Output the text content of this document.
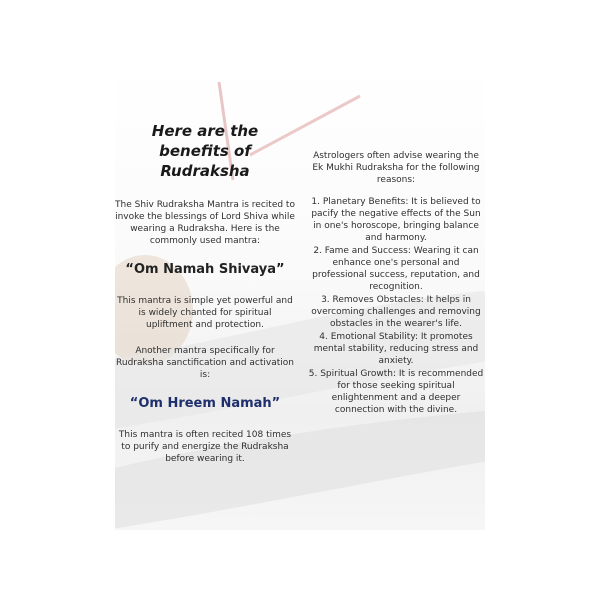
Here are the benefits of
Rudraksha

The Shiv Rudraksha Mantra is recited to invoke the blessings of Lord Shiva while wearing a Rudraksha. Here is the commonly used mantra:

“Om Namah Shivaya”

This mantra is simple yet powerful and is widely chanted for spiritual upliftment and protection.

Another mantra specifically for Rudraksha sanctification and activation is:

“Om Hreem Namah”

This mantra is often recited 108 times to purify and energize the Rudraksha before wearing it.

Astrologers often advise wearing the Ek Mukhi Rudraksha for the following reasons:

1. Planetary Benefits: It is believed to pacify the negative effects of the Sun in one's horoscope, bringing balance and harmony.
2. Fame and Success: Wearing it can enhance one's personal and professional success, reputation, and recognition.
3. Removes Obstacles: It helps in overcoming challenges and removing obstacles in the wearer's life.
4. Emotional Stability: It promotes mental stability, reducing stress and anxiety.
5. Spiritual Growth: It is recommended for those seeking spiritual enlightenment and a deeper connection with the divine.
